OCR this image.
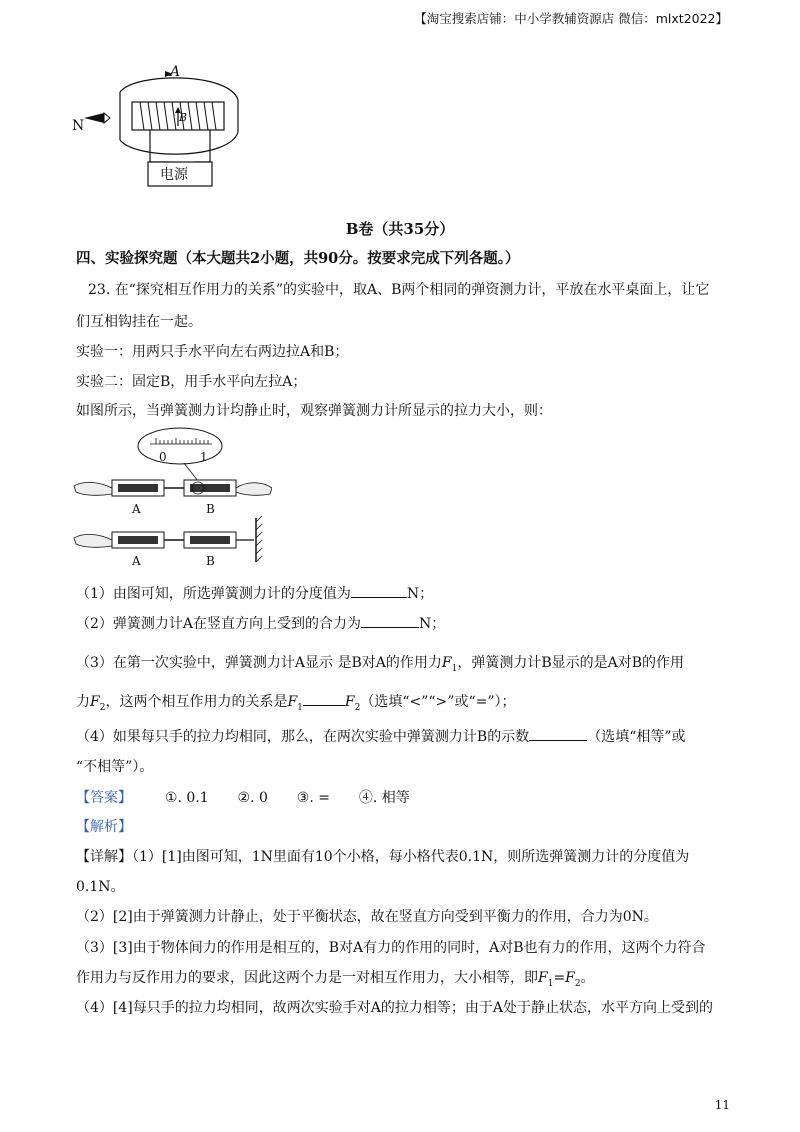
【淘宝搜索店铺：中小学教辅资源店 微信：mlxt2022】
A
B
N
电源
B卷（共35分）
四、实验探究题（本大题共2小题，共90分。按要求完成下列各题。）
23. 在“探究相互作用力的关系”的实验中，取A、B两个相同的弹资测力计，平放在水平桌面上，让它
们互相钩挂在一起。
实验一：用两只手水平向左右两边拉A和B；
实验二：固定B，用手水平向左拉A；
如图所示，当弹簧测力计均静止时，观察弹簧测力计所显示的拉力大小，则：
0	1
A	B
A	B
（1）由图可知，所选弹簧测力计的分度值为	N；
（2）弹簧测力计A在竖直方向上受到的合力为	N；
（3）在第一次实验中，弹簧测力计A显示 是B对A的作用力$F_1$，弹簧测力计B显示的是A对B的作用
力$F_2$，这两个相互作用力的关系是$F_1$	$F_2$（选填“<”“>”或“=”）；
（4）如果每只手的拉力均相同，那么，在两次实验中弹簧测力计B的示数	（选填“相等”或
“不相等”）。
【答案】 ①. 0.1 ②. 0 ③. = ④. 相等
【解析】
【详解】（1）[1]由图可知，1N里面有10个小格，每小格代表0.1N，则所选弹簧测力计的分度值为
0.1N。
（2）[2]由于弹簧测力计静止，处于平衡状态，故在竖直方向受到平衡力的作用，合力为0N。
（3）[3]由于物体间力的作用是相互的，B对A有力的作用的同时，A对B也有力的作用，这两个力符合
作用力与反作用力的要求，因此这两个力是一对相互作用力，大小相等，即$F_1=F_2$。
（4）[4]每只手的拉力均相同，故两次实验手对A的拉力相等；由于A处于静止状态，水平方向上受到的
11
